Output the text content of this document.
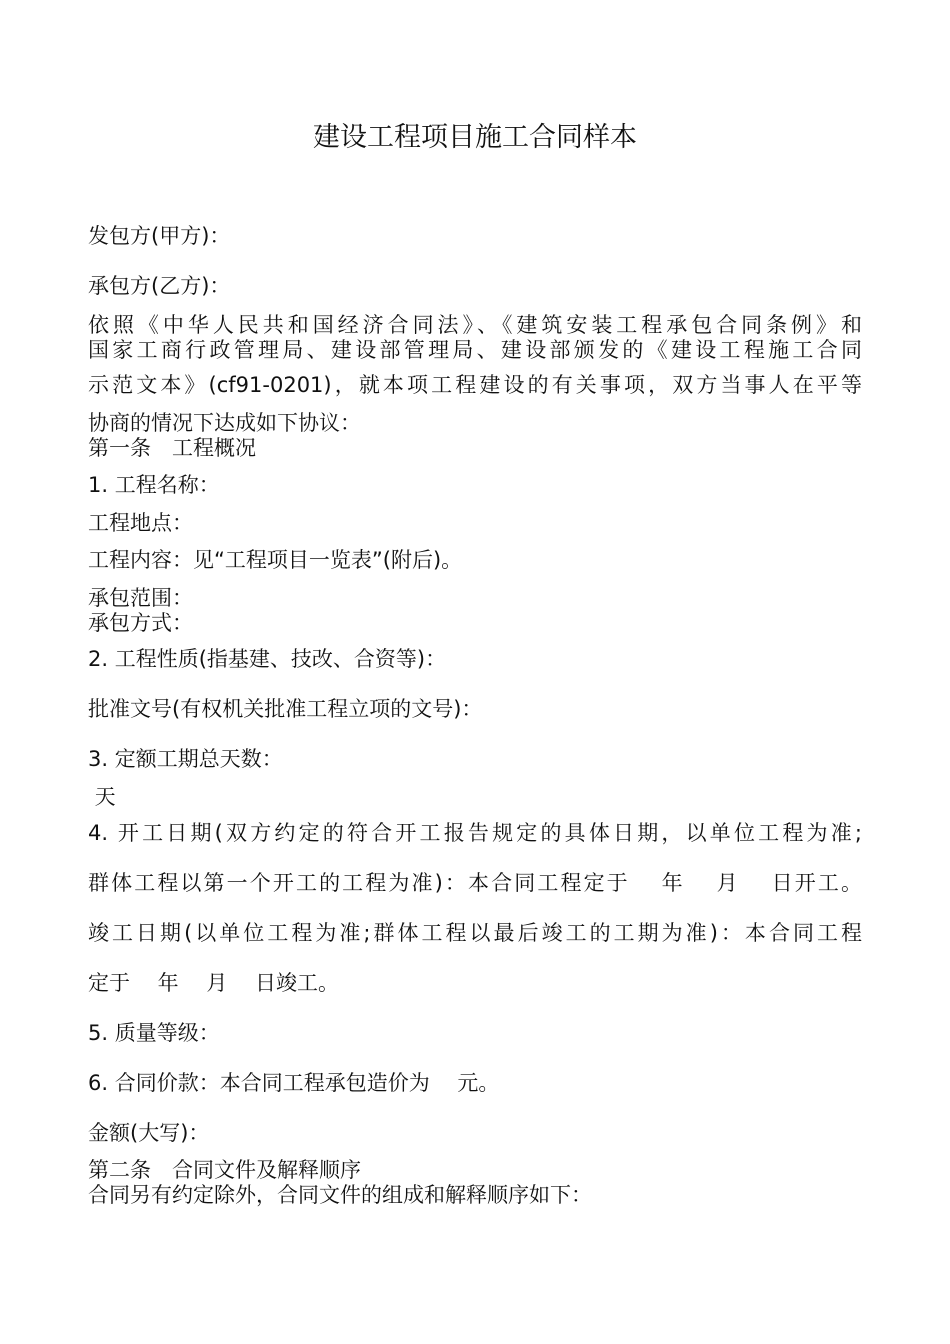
建设工程项目施工合同样本
发包方(甲方)：
承包方(乙方)：
依照《中华人民共和国经济合同法》、《建筑安装工程承包合同条例》和
国家工商行政管理局、建设部管理局、建设部颁发的《建设工程施工合同
示范文本》(cf91-0201)，就本项工程建设的有关事项，双方当事人在平等
协商的情况下达成如下协议：
第一条　工程概况
1. 工程名称：
工程地点：
工程内容：见“工程项目一览表”(附后)。
承包范围：
承包方式：
2. 工程性质(指基建、技改、合资等)：
批准文号(有权机关批准工程立项的文号)：
3. 定额工期总天数：
天
4. 开工日期(双方约定的符合开工报告规定的具体日期，以单位工程为准;
群体工程以第一个开工的工程为准)：本合同工程定于　 年　 月　 日开工。
竣工日期(以单位工程为准;群体工程以最后竣工的工期为准)：本合同工程
定于　 年　 月　 日竣工。
5. 质量等级：
6. 合同价款：本合同工程承包造价为　 元。
金额(大写)：
第二条　合同文件及解释顺序
合同另有约定除外，合同文件的组成和解释顺序如下：
